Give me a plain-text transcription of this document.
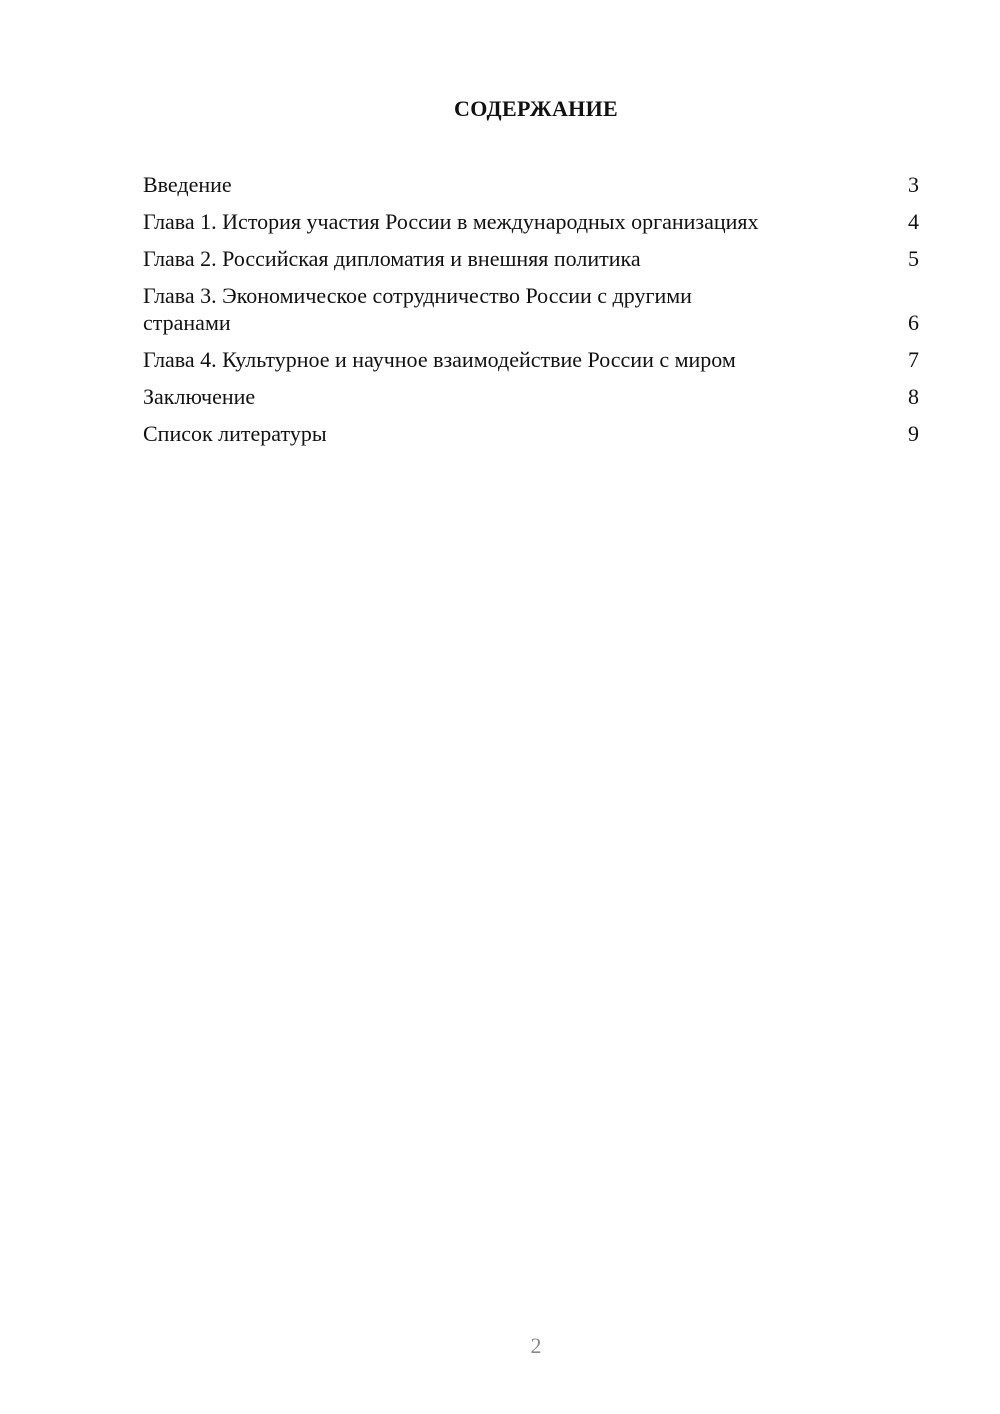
СОДЕРЖАНИЕ
Введение	3
Глава 1. История участия России в международных организациях	4
Глава 2. Российская дипломатия и внешняя политика	5
Глава 3. Экономическое сотрудничество России с другими странами	6
Глава 4. Культурное и научное взаимодействие России с миром	7
Заключение	8
Список литературы	9
2
